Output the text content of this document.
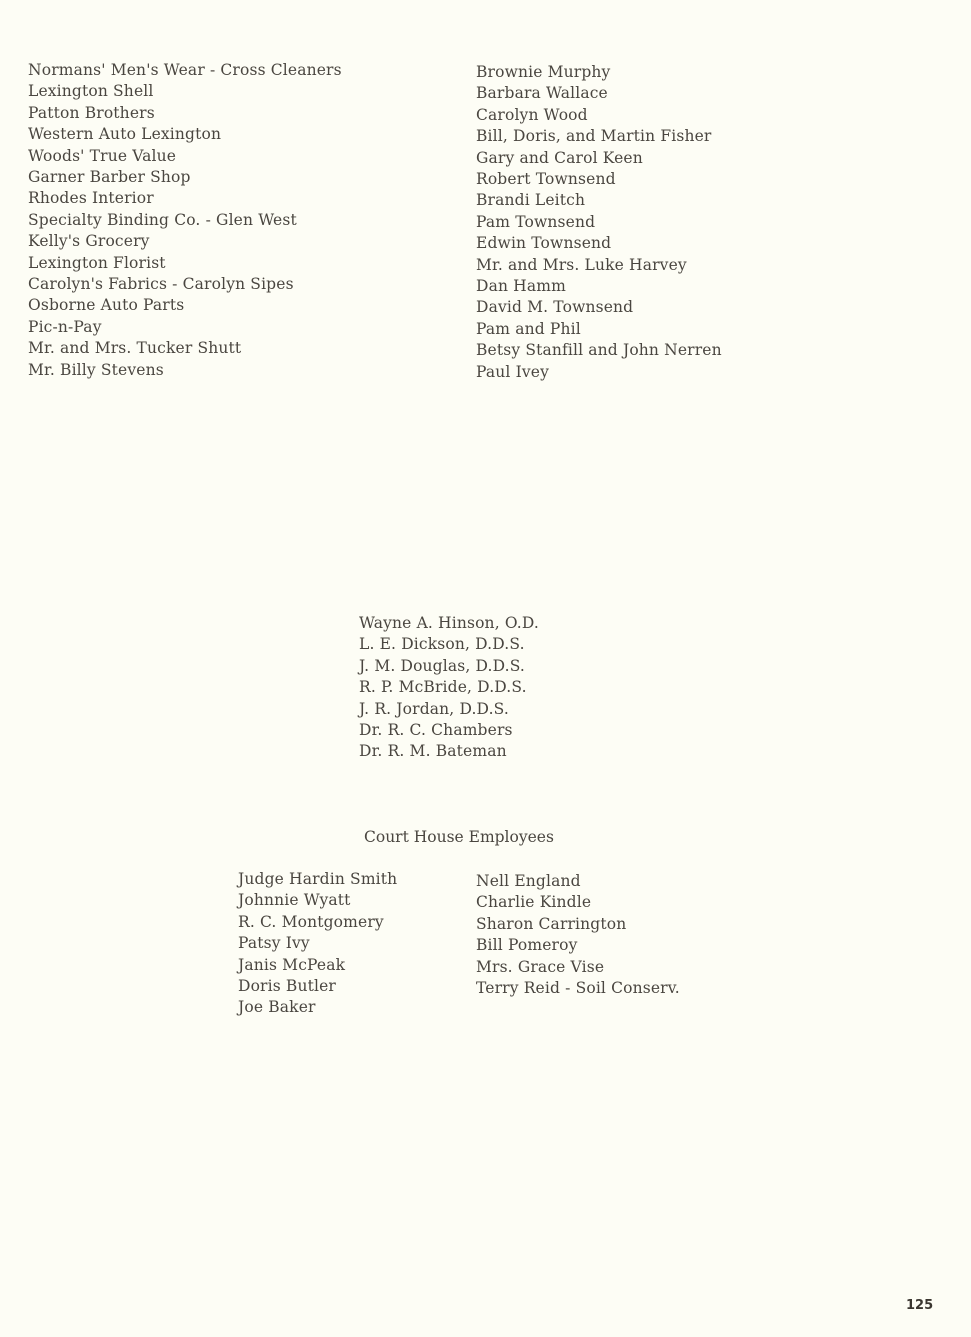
Normans' Men's Wear - Cross Cleaners
Lexington Shell
Patton Brothers
Western Auto Lexington
Woods' True Value
Garner Barber Shop
Rhodes Interior
Specialty Binding Co. - Glen West
Kelly's Grocery
Lexington Florist
Carolyn's Fabrics - Carolyn Sipes
Osborne Auto Parts
Pic-n-Pay
Mr. and Mrs. Tucker Shutt
Mr. Billy Stevens
Brownie Murphy
Barbara Wallace
Carolyn Wood
Bill, Doris, and Martin Fisher
Gary and Carol Keen
Robert Townsend
Brandi Leitch
Pam Townsend
Edwin Townsend
Mr. and Mrs. Luke Harvey
Dan Hamm
David M. Townsend
Pam and Phil
Betsy Stanfill and John Nerren
Paul Ivey
Wayne A. Hinson, O.D.
L. E. Dickson, D.D.S.
J. M. Douglas, D.D.S.
R. P. McBride, D.D.S.
J. R. Jordan, D.D.S.
Dr. R. C. Chambers
Dr. R. M. Bateman
Court House Employees
Judge Hardin Smith
Johnnie Wyatt
R. C. Montgomery
Patsy Ivy
Janis McPeak
Doris Butler
Joe Baker
Nell England
Charlie Kindle
Sharon Carrington
Bill Pomeroy
Mrs. Grace Vise
Terry Reid - Soil Conserv.
125
